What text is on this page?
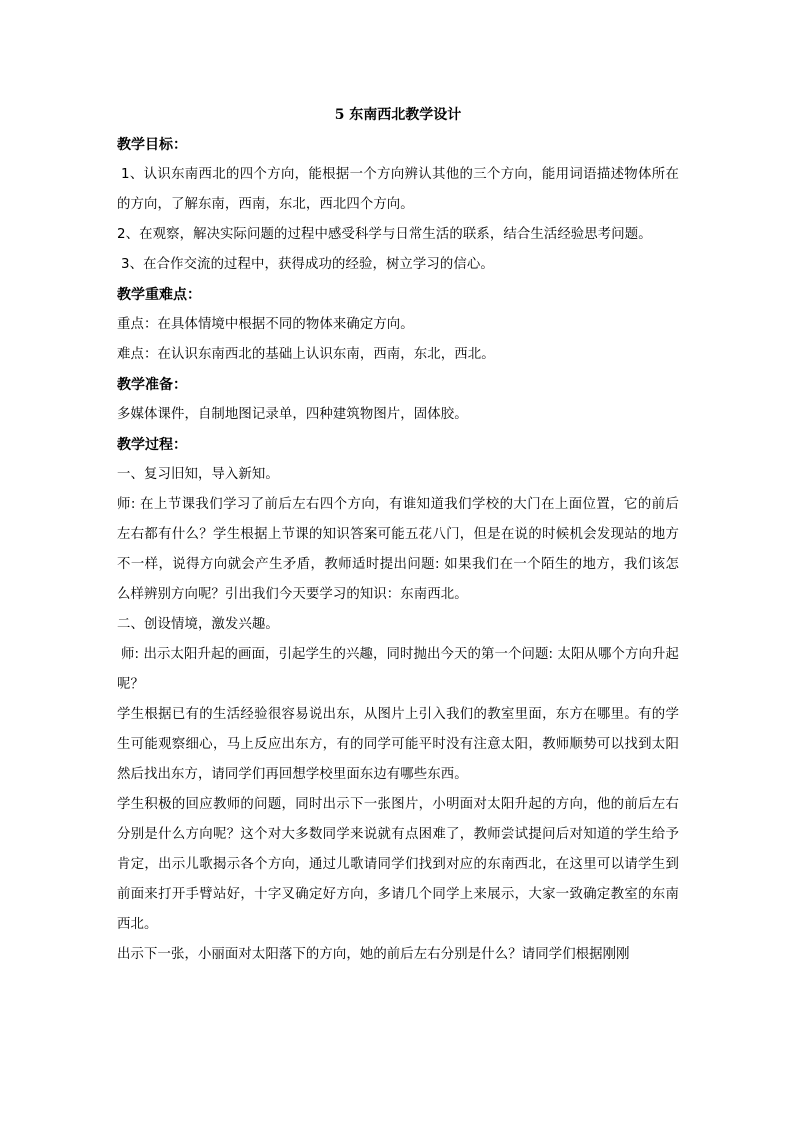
5 东南西北教学设计
教学目标：

1、认识东南西北的四个方向，能根据一个方向辨认其他的三个方向，能用词语描述物体所在的方向，了解东南，西南，东北，西北四个方向。

2、在观察，解决实际问题的过程中感受科学与日常生活的联系，结合生活经验思考问题。

3、在合作交流的过程中，获得成功的经验，树立学习的信心。

教学重难点：

重点：在具体情境中根据不同的物体来确定方向。

难点：在认识东南西北的基础上认识东南，西南，东北，西北。

教学准备：

多媒体课件，自制地图记录单，四种建筑物图片，固体胶。

教学过程：

一、复习旧知，导入新知。

师: 在上节课我们学习了前后左右四个方向，有谁知道我们学校的大门在上面位置，它的前后左右都有什么？学生根据上节课的知识答案可能五花八门，但是在说的时候机会发现站的地方不一样，说得方向就会产生矛盾，教师适时提出问题: 如果我们在一个陌生的地方，我们该怎么样辨别方向呢？引出我们今天要学习的知识：东南西北。

二、创设情境，激发兴趣。

师: 出示太阳升起的画面，引起学生的兴趣，同时抛出今天的第一个问题: 太阳从哪个方向升起呢？

学生根据已有的生活经验很容易说出东，从图片上引入我们的教室里面，东方在哪里。有的学生可能观察细心，马上反应出东方，有的同学可能平时没有注意太阳，教师顺势可以找到太阳然后找出东方，请同学们再回想学校里面东边有哪些东西。

学生积极的回应教师的问题，同时出示下一张图片，小明面对太阳升起的方向，他的前后左右分别是什么方向呢？这个对大多数同学来说就有点困难了，教师尝试提问后对知道的学生给予肯定，出示儿歌揭示各个方向，通过儿歌请同学们找到对应的东南西北，在这里可以请学生到前面来打开手臂站好，十字叉确定好方向，多请几个同学上来展示，大家一致确定教室的东南西北。

出示下一张，小丽面对太阳落下的方向，她的前后左右分别是什么？请同学们根据刚刚
